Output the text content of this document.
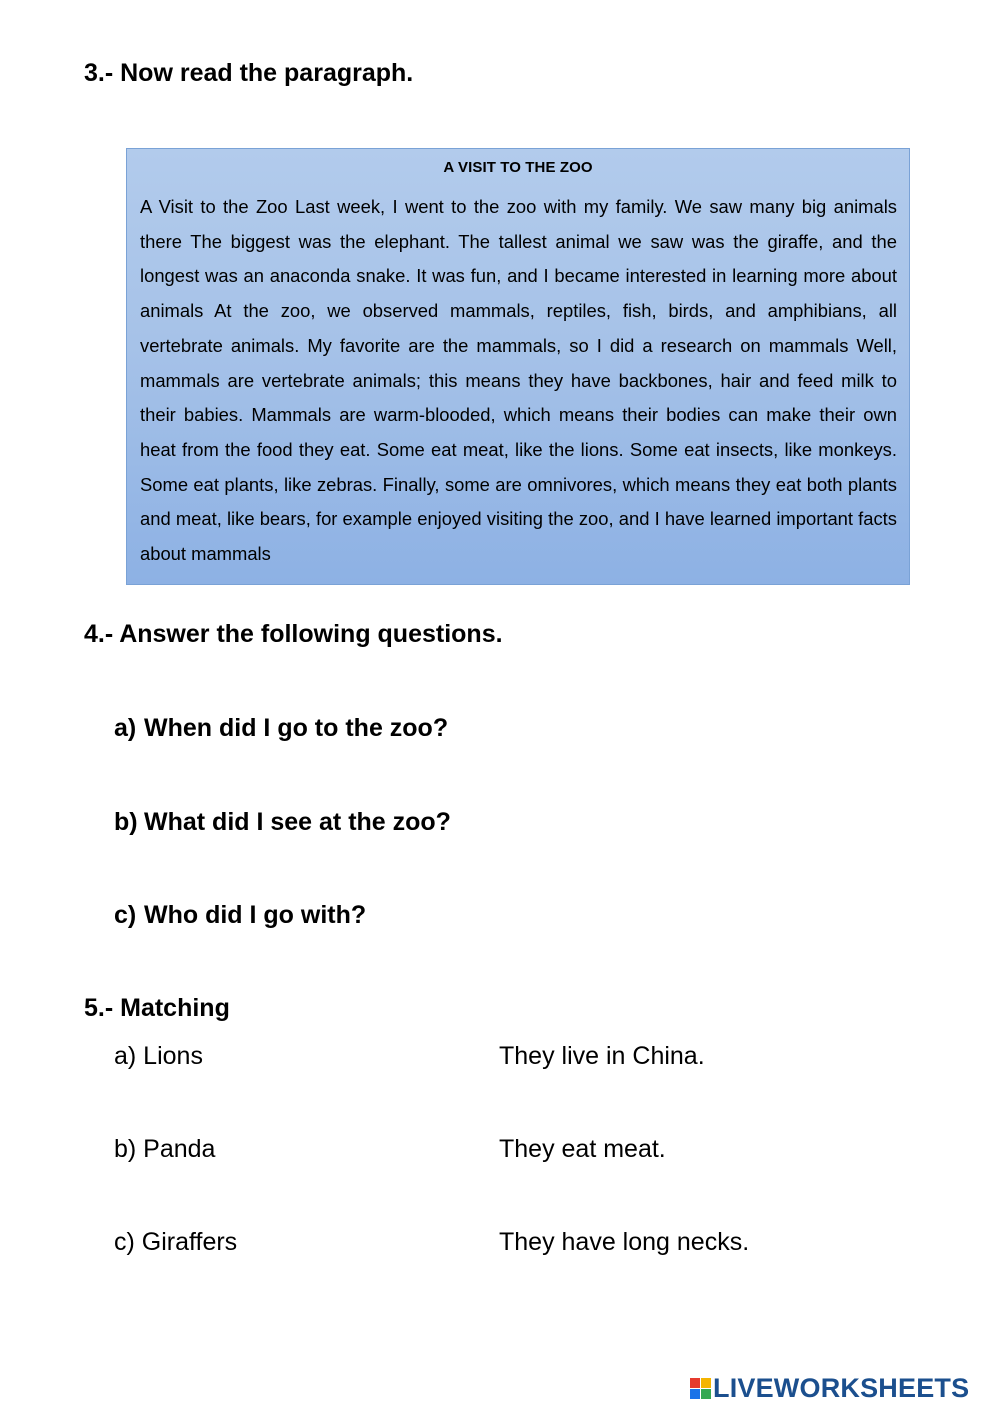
3.- Now read the paragraph.
A VISIT TO THE ZOO

A Visit to the Zoo Last week, I went to the zoo with my family. We saw many big animals there The biggest was the elephant. The tallest animal we saw was the giraffe, and the longest was an anaconda snake. It was fun, and I became interested in learning more about animals At the zoo, we observed mammals, reptiles, fish, birds, and amphibians, all vertebrate animals. My favorite are the mammals, so I did a research on mammals Well, mammals are vertebrate animals; this means they have backbones, hair and feed milk to their babies. Mammals are warm-blooded, which means their bodies can make their own heat from the food they eat. Some eat meat, like the lions. Some eat insects, like monkeys. Some eat plants, like zebras. Finally, some are omnivores, which means they eat both plants and meat, like bears, for example enjoyed visiting the zoo, and I have learned important facts about mammals

4.- Answer the following questions.

a) When did I go to the zoo?

b) What did I see at the zoo?

c) Who did I go with?

5.- Matching
a) Lions	They live in China.
b) Panda	They eat meat.
c) Giraffers	They have long necks.
LIVEWORKSHEETS
